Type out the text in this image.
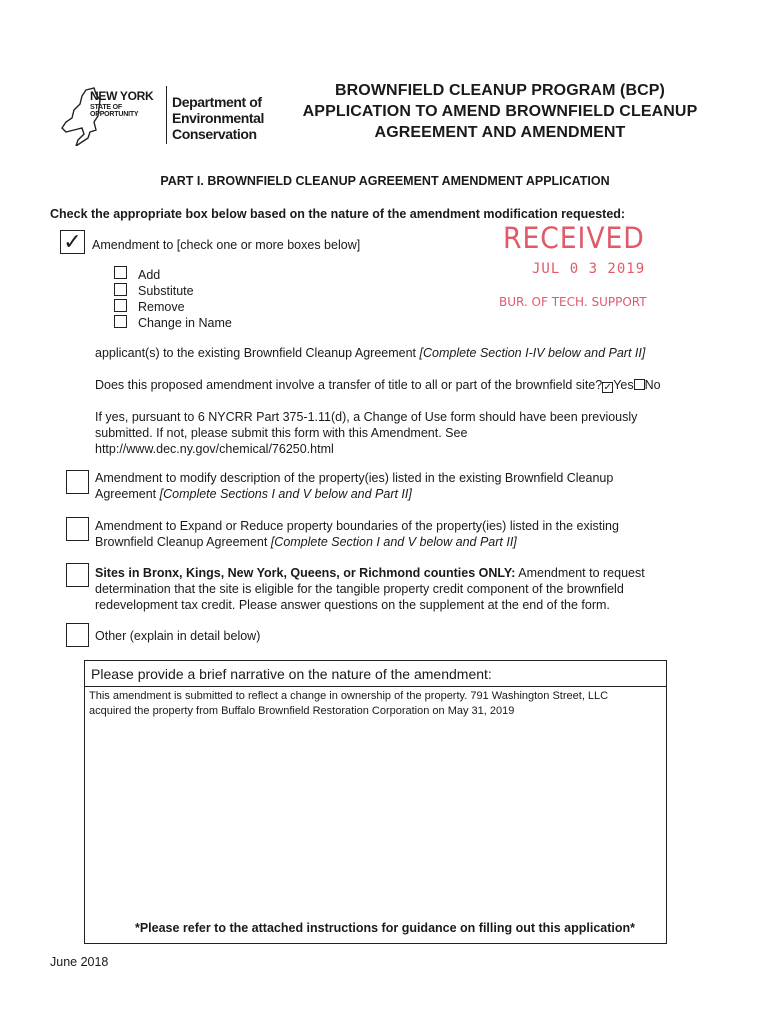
NEW YORK
STATE OF
OPPORTUNITY
Department of
Environmental
Conservation
BROWNFIELD CLEANUP PROGRAM (BCP)
APPLICATION TO AMEND BROWNFIELD CLEANUP
AGREEMENT AND AMENDMENT
PART I. BROWNFIELD CLEANUP AGREEMENT AMENDMENT APPLICATION
Check the appropriate box below based on the nature of the amendment modification requested:
✓ Amendment to [check one or more boxes below]
Add
Substitute
Remove
Change in Name
RECEIVED
JUL 0 3 2019
BUR. OF TECH. SUPPORT
applicant(s) to the existing Brownfield Cleanup Agreement [Complete Section I-IV below and Part II]
Does this proposed amendment involve a transfer of title to all or part of the brownfield site?✓Yes No
If yes, pursuant to 6 NYCRR Part 375-1.11(d), a Change of Use form should have been previously
submitted. If not, please submit this form with this Amendment. See
http://www.dec.ny.gov/chemical/76250.html
Amendment to modify description of the property(ies) listed in the existing Brownfield Cleanup
Agreement [Complete Sections I and V below and Part II]
Amendment to Expand or Reduce property boundaries of the property(ies) listed in the existing
Brownfield Cleanup Agreement [Complete Section I and V below and Part II]
Sites in Bronx, Kings, New York, Queens, or Richmond counties ONLY: Amendment to request
determination that the site is eligible for the tangible property credit component of the brownfield
redevelopment tax credit. Please answer questions on the supplement at the end of the form.
Other (explain in detail below)
Please provide a brief narrative on the nature of the amendment:
This amendment is submitted to reflect a change in ownership of the property. 791 Washington Street, LLC
acquired the property from Buffalo Brownfield Restoration Corporation on May 31, 2019
*Please refer to the attached instructions for guidance on filling out this application*
June 2018
